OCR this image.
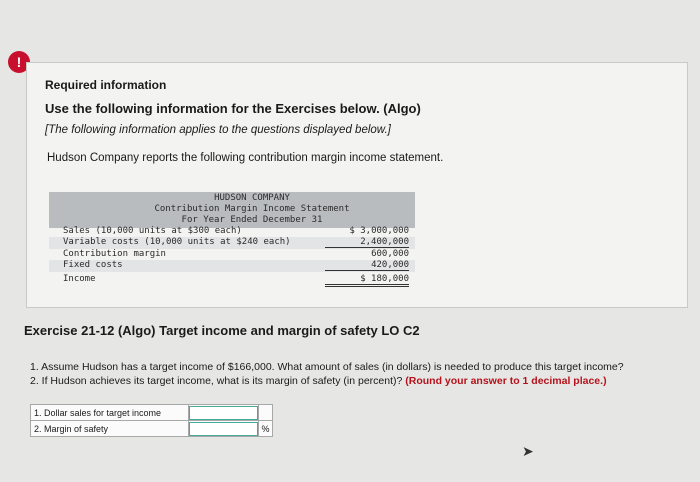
!
Required information
Use the following information for the Exercises below. (Algo)
[The following information applies to the questions displayed below.]
Hudson Company reports the following contribution margin income statement.
HUDSON COMPANY
Contribution Margin Income Statement
For Year Ended December 31
Sales (10,000 units at $300 each)	$ 3,000,000
Variable costs (10,000 units at $240 each)	2,400,000
Contribution margin	600,000
Fixed costs	420,000
Income	$ 180,000
Exercise 21-12 (Algo) Target income and margin of safety LO C2
1. Assume Hudson has a target income of $166,000. What amount of sales (in dollars) is needed to produce this target income?
2. If Hudson achieves its target income, what is its margin of safety (in percent)? (Round your answer to 1 decimal place.)
1. Dollar sales for target income		
2. Margin of safety		%
➤
